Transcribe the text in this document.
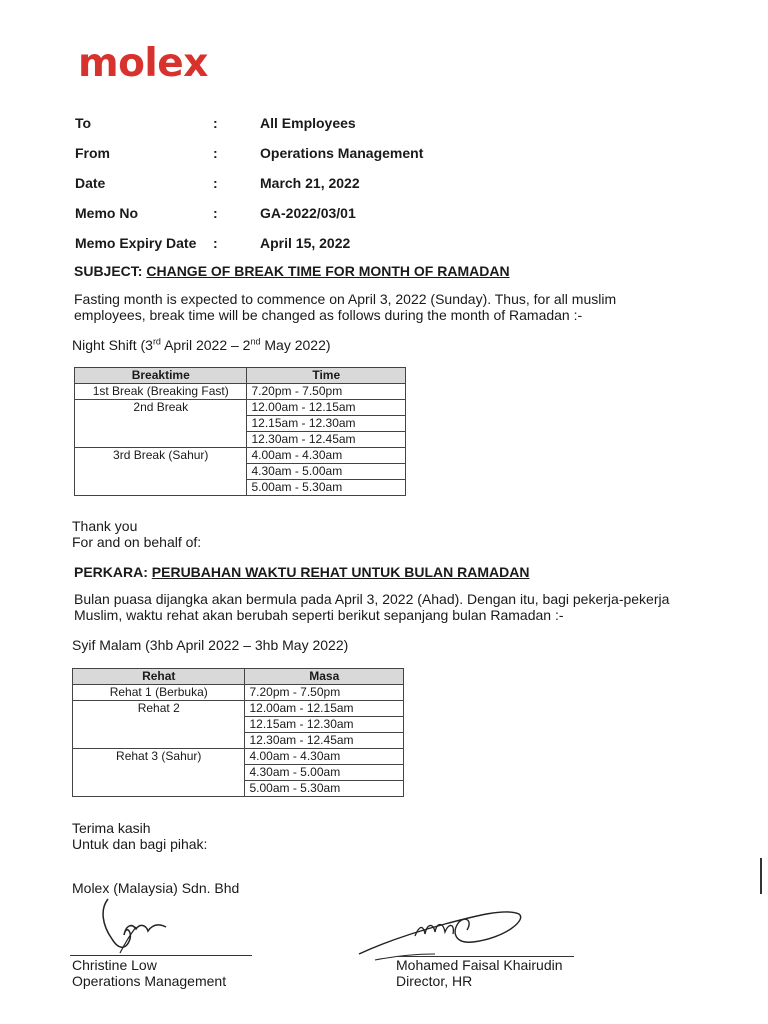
molex
To	:	All Employees
From	:	Operations Management
Date	:	March 21, 2022
Memo No	:	GA-2022/03/01
Memo Expiry Date :	April 15, 2022
SUBJECT: CHANGE OF BREAK TIME FOR MONTH OF RAMADAN
Fasting month is expected to commence on April 3, 2022 (Sunday). Thus, for all muslim
employees, break time will be changed as follows during the month of Ramadan :-
Night Shift (3rd April 2022 – 2nd May 2022)
Breaktime	Time
1st Break (Breaking Fast)	7.20pm - 7.50pm
2nd Break	12.00am - 12.15am
	12.15am - 12.30am
	12.30am - 12.45am
3rd Break (Sahur)	4.00am - 4.30am
	4.30am - 5.00am
	5.00am - 5.30am
Thank you
For and on behalf of:
PERKARA: PERUBAHAN WAKTU REHAT UNTUK BULAN RAMADAN
Bulan puasa dijangka akan bermula pada April 3, 2022 (Ahad). Dengan itu, bagi pekerja-pekerja
Muslim, waktu rehat akan berubah seperti berikut sepanjang bulan Ramadan :-
Syif Malam (3hb April 2022 – 3hb May 2022)
Rehat	Masa
Rehat 1 (Berbuka)	7.20pm - 7.50pm
Rehat 2	12.00am - 12.15am
	12.15am - 12.30am
	12.30am - 12.45am
Rehat 3 (Sahur)	4.00am - 4.30am
	4.30am - 5.00am
	5.00am - 5.30am
Terima kasih
Untuk dan bagi pihak:
Molex (Malaysia) Sdn. Bhd
Christine Low
Operations Management
Mohamed Faisal Khairudin
Director, HR
